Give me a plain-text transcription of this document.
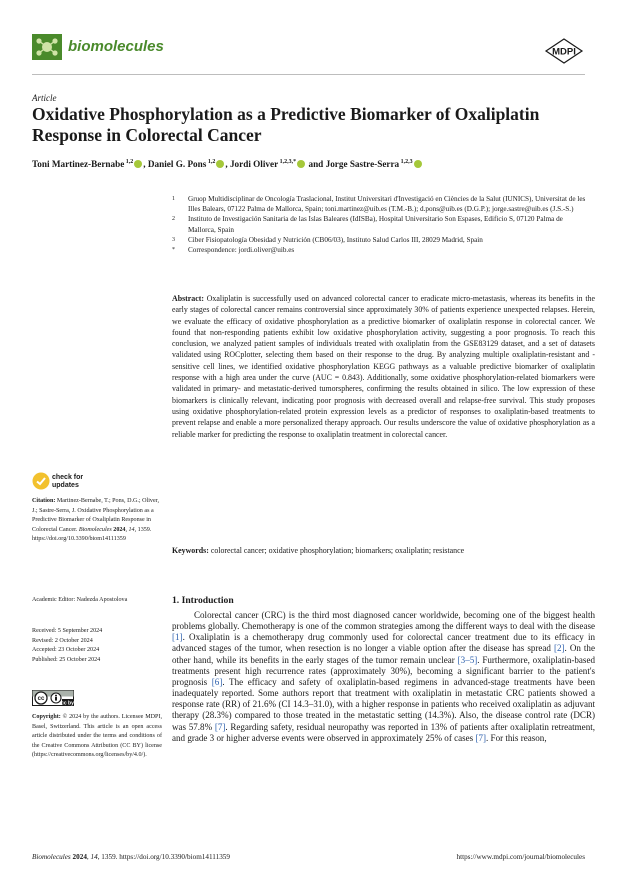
biomolecules	MDPI
Article
Oxidative Phosphorylation as a Predictive Biomarker of Oxaliplatin Response in Colorectal Cancer
Toni Martinez-Bernabe $^{1,2}$ , Daniel G. Pons $^{1,2}$ , Jordi Oliver $^{1,2,3,*}$ and Jorge Sastre-Serra $^{1,2,3}$
1	Gruop Multidisciplinar de Oncología Traslacional, Institut Universitari d'Investigació en Ciències de la Salut (IUNICS), Universitat de les Illes Balears, 07122 Palma de Mallorca, Spain; toni.martinez@uib.es (T.M.-B.); d.pons@uib.es (D.G.P.); jorge.sastre@uib.es (J.S.-S.)
2	Instituto de Investigación Sanitaria de las Islas Baleares (IdISBa), Hospital Universitario Son Espases, Edificio S, 07120 Palma de Mallorca, Spain
3	Ciber Fisiopatología Obesidad y Nutrición (CB06/03), Instituto Salud Carlos III, 28029 Madrid, Spain
*	Correspondence: jordi.oliver@uib.es
Abstract: Oxaliplatin is successfully used on advanced colorectal cancer to eradicate micro-metastasis, whereas its benefits in the early stages of colorectal cancer remains controversial since approximately 30% of patients experience unexpected relapses. Herein, we evaluate the efficacy of oxidative phosphorylation as a predictive biomarker of oxaliplatin response in colorectal cancer. We found that non-responding patients exhibit low oxidative phosphorylation activity, suggesting a poor prognosis. To reach this conclusion, we analyzed patient samples of individuals treated with oxaliplatin from the GSE83129 dataset, and a set of datasets validated using ROCplotter, selecting them based on their response to the drug. By analyzing multiple oxaliplatin-resistant and -sensitive cell lines, we identified oxidative phosphorylation KEGG pathways as a valuable predictive biomarker of oxaliplatin response with a high area under the curve (AUC = 0.843). Additionally, some oxidative phosphorylation-related biomarkers were validated in primary- and metastatic-derived tumorspheres, confirming the results obtained in silico. The low expression of these biomarkers is clinically relevant, indicating poor prognosis with decreased overall and relapse-free survival. This study proposes using oxidative phosphorylation-related protein expression levels as a predictor of responses to oxaliplatin-based treatments to prevent relapse and enable a more personalized therapy approach. Our results underscore the value of oxidative phosphorylation as a reliable marker for predicting the response to oxaliplatin treatment in colorectal cancer.
Keywords: colorectal cancer; oxidative phosphorylation; biomarkers; oxaliplatin; resistance
check for
updates
Citation: Martinez-Bernabe, T.; Pons, D.G.; Oliver, J.; Sastre-Serra, J. Oxidative Phosphorylation as a Predictive Biomarker of Oxaliplatin Response in Colorectal Cancer. Biomolecules 2024, 14, 1359. https://doi.org/10.3390/biom14111359
Academic Editor: Nadezda Apostolova
Received: 5 September 2024
Revised: 2 October 2024
Accepted: 23 October 2024
Published: 25 October 2024
cc
cc by
Copyright: © 2024 by the authors. Licensee MDPI, Basel, Switzerland. This article is an open access article distributed under the terms and conditions of the Creative Commons Attribution (CC BY) license (https://creativecommons.org/licenses/by/4.0/).
1. Introduction

Colorectal cancer (CRC) is the third most diagnosed cancer worldwide, becoming one of the biggest health problems globally. Chemotherapy is one of the common strategies among the different ways to deal with the disease [1]. Oxaliplatin is a chemotherapy drug commonly used for colorectal cancer treatment due to its efficacy in advanced stages of the tumor, when resection is no longer a viable option after the disease has spread [2]. On the other hand, while its benefits in the early stages of the tumor remain unclear [3–5]. Furthermore, oxaliplatin-based treatments present high recurrence rates (approximately 30%), becoming a significant barrier to the patient's prognosis [6]. The efficacy and safety of oxaliplatin-based regimens in advanced-stage treatments have been inadequately reported. Some authors report that treatment with oxaliplatin in metastatic CRC patients showed a response rate (RR) of 21.6% (CI 14.3–31.0), with a higher response in patients who received oxaliplatin as adjuvant therapy (28.3%) compared to those treated in the metastatic setting (14.3%). Also, the disease control rate (DCR) was 57.8% [7]. Regarding safety, residual neuropathy was reported in 13% of patients after oxaliplatin retreatment, and grade 3 or higher adverse events were observed in approximately 25% of cases [7]. For this reason,

Biomolecules 2024, 14, 1359. https://doi.org/10.3390/biom14111359	https://www.mdpi.com/journal/biomolecules
